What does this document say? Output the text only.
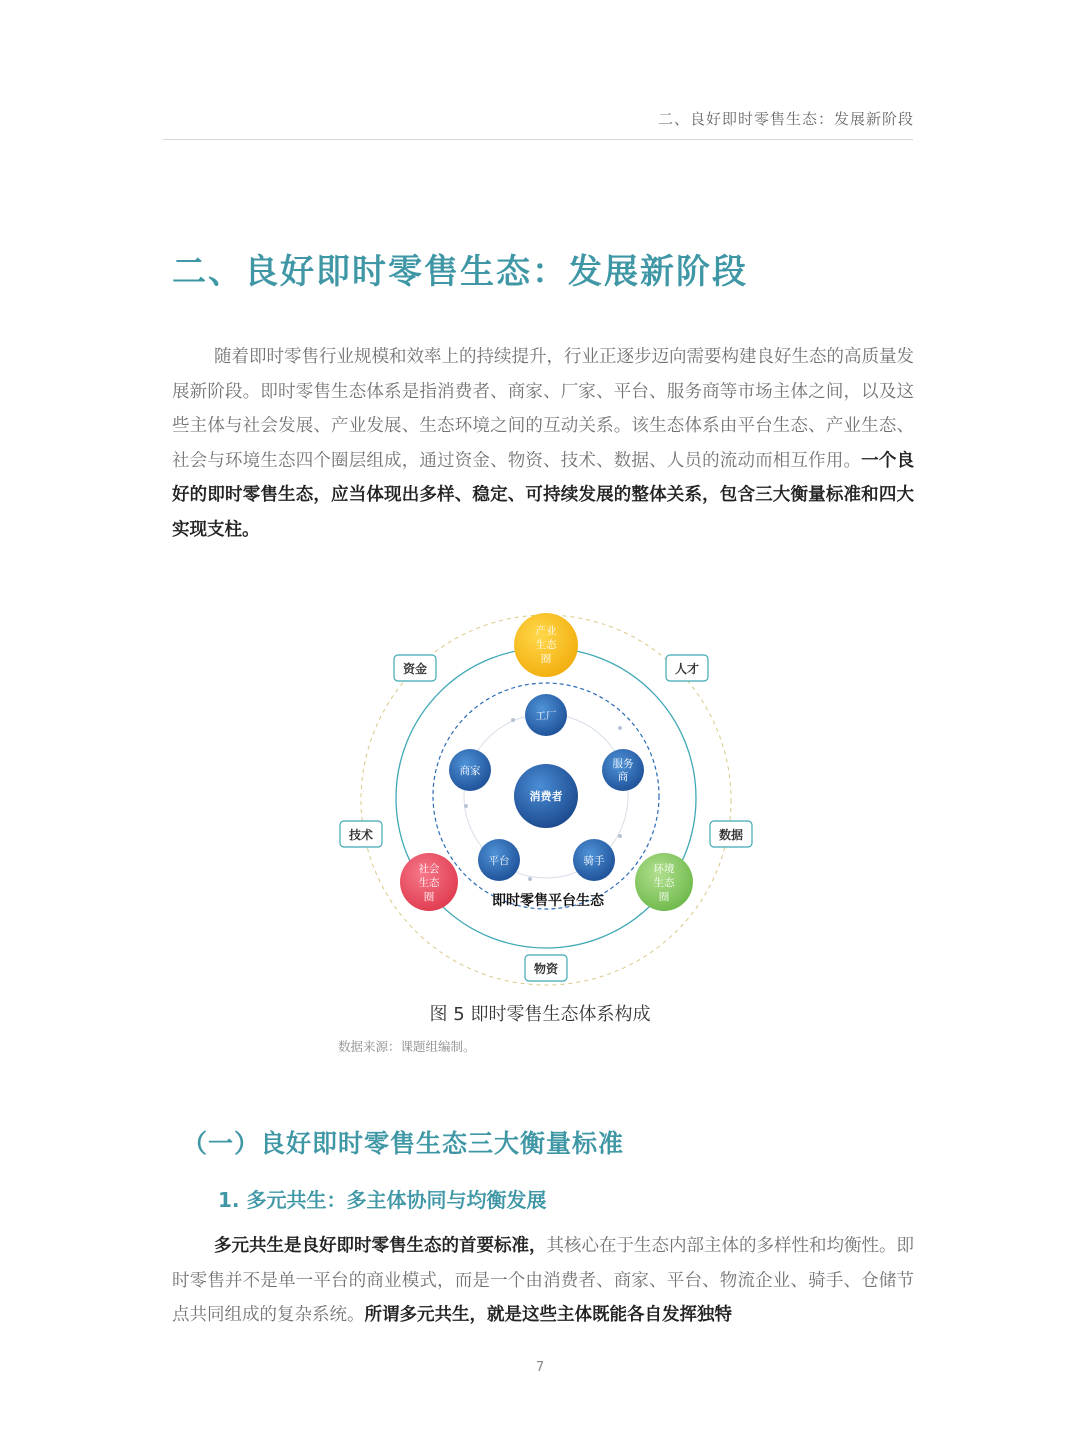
二、良好即时零售生态：发展新阶段
二、良好即时零售生态：发展新阶段

随着即时零售行业规模和效率上的持续提升，行业正逐步迈向需要构建良好生态的高质量发展新阶段。即时零售生态体系是指消费者、商家、厂家、平台、服务商等市场主体之间，以及这些主体与社会发展、产业发展、生态环境之间的互动关系。该生态体系由平台生态、产业生态、社会与环境生态四个圈层组成，通过资金、物资、技术、数据、人员的流动而相互作用。一个良好的即时零售生态，应当体现出多样、稳定、可持续发展的整体关系，包含三大衡量标准和四大实现支柱。

消费者
工厂
服务
商
骑手
平台
商家
即时零售平台生态
产业
生态
圈
社会
生态
圈
环境
生态
圈
资金	人才
技术	数据
物资
图 5 即时零售生态体系构成
数据来源：课题组编制。
（一）良好即时零售生态三大衡量标准
1. 多元共生：多主体协同与均衡发展

多元共生是良好即时零售生态的首要标准，其核心在于生态内部主体的多样性和均衡性。即时零售并不是单一平台的商业模式，而是一个由消费者、商家、平台、物流企业、骑手、仓储节点共同组成的复杂系统。所谓多元共生，就是这些主体既能各自发挥独特

7
